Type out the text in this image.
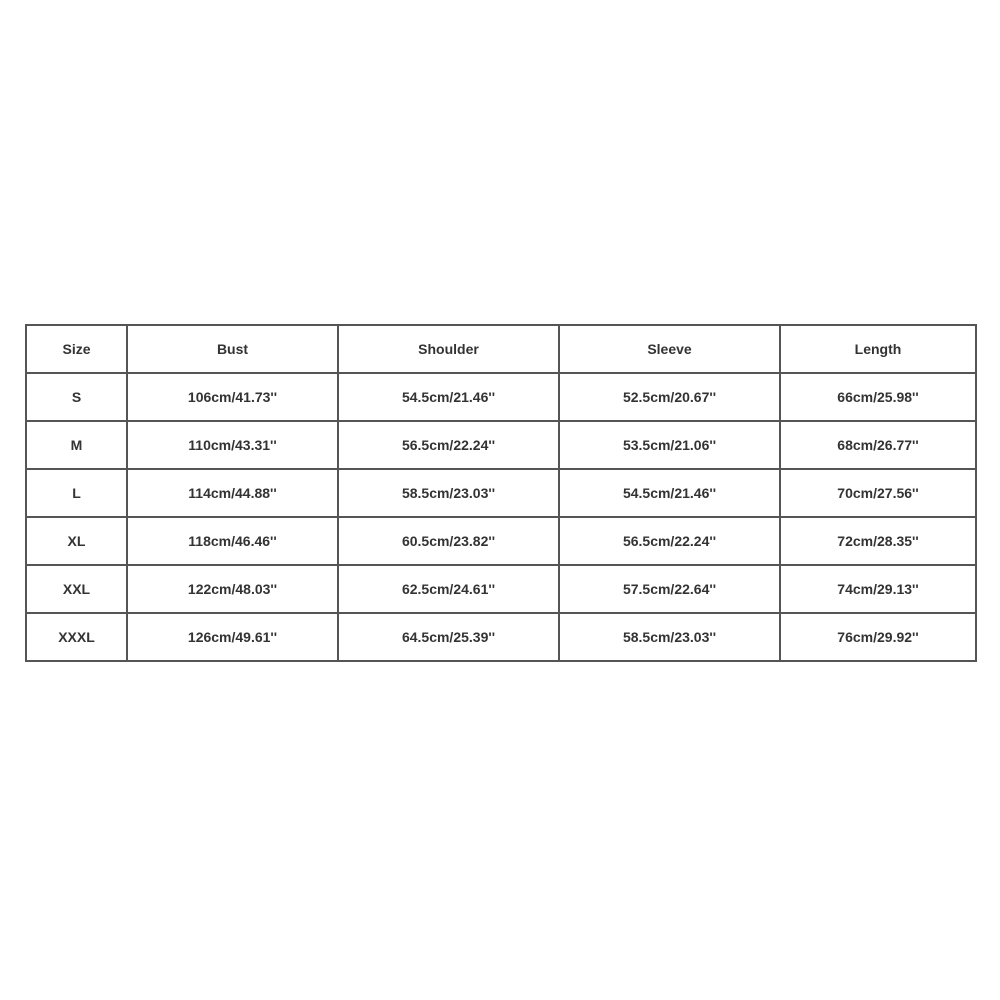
Size	Bust	Shoulder	Sleeve	Length
S	106cm/41.73''	54.5cm/21.46''	52.5cm/20.67''	66cm/25.98''
M	110cm/43.31''	56.5cm/22.24''	53.5cm/21.06''	68cm/26.77''
L	114cm/44.88''	58.5cm/23.03''	54.5cm/21.46''	70cm/27.56''
XL	118cm/46.46''	60.5cm/23.82''	56.5cm/22.24''	72cm/28.35''
XXL	122cm/48.03''	62.5cm/24.61''	57.5cm/22.64''	74cm/29.13''
XXXL	126cm/49.61''	64.5cm/25.39''	58.5cm/23.03''	76cm/29.92''
